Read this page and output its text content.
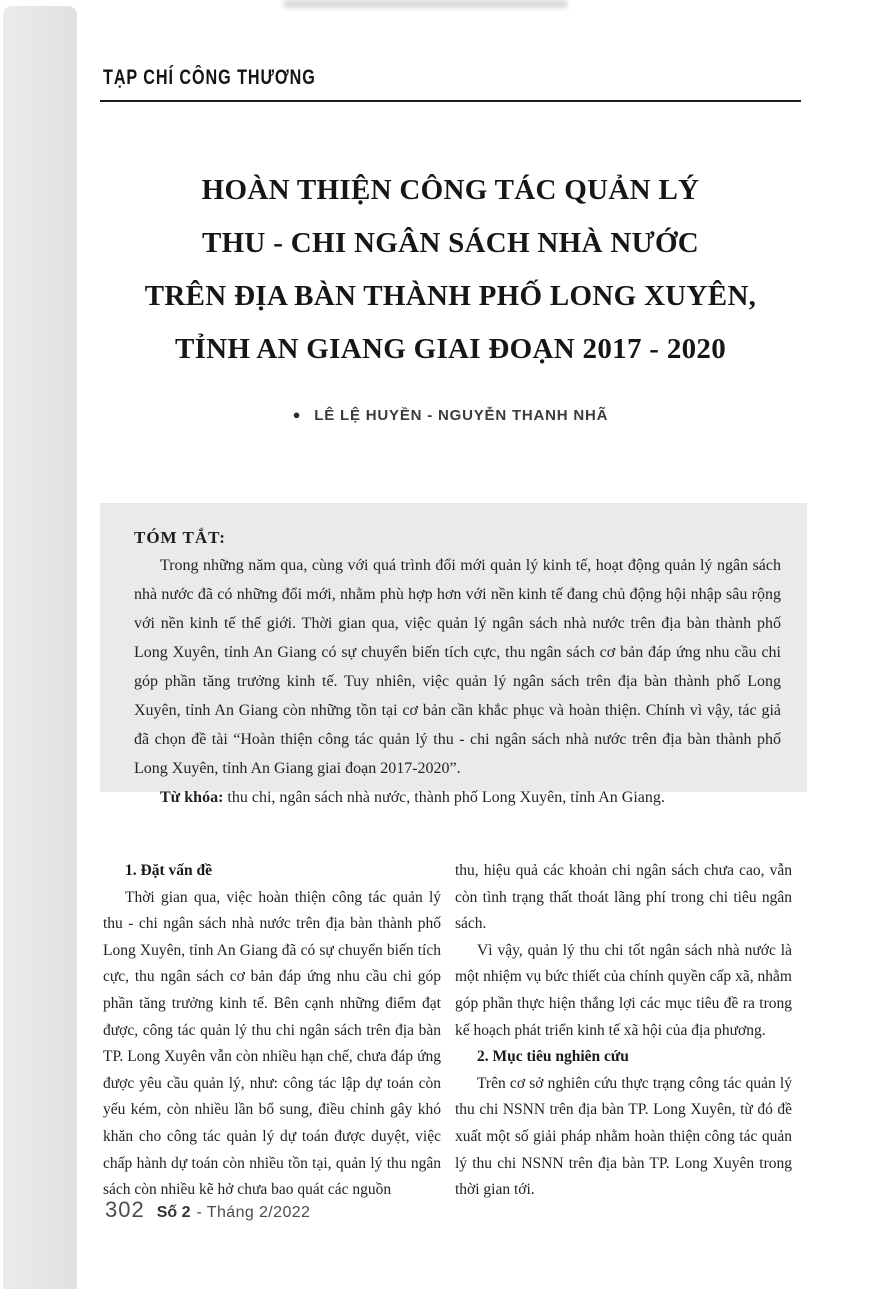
TẠP CHÍ CÔNG THƯƠNG
HOÀN THIỆN CÔNG TÁC QUẢN LÝ
THU - CHI NGÂN SÁCH NHÀ NƯỚC
TRÊN ĐỊA BÀN THÀNH PHỐ LONG XUYÊN,
TỈNH AN GIANG GIAI ĐOẠN 2017 - 2020
● LÊ LỆ HUYỀN - NGUYỄN THANH NHÃ

TÓM TẮT:

Trong những năm qua, cùng với quá trình đổi mới quản lý kinh tế, hoạt động quản lý ngân sách nhà nước đã có những đổi mới, nhằm phù hợp hơn với nền kinh tế đang chủ động hội nhập sâu rộng với nền kinh tế thế giới. Thời gian qua, việc quản lý ngân sách nhà nước trên địa bàn thành phố Long Xuyên, tỉnh An Giang có sự chuyển biến tích cực, thu ngân sách cơ bản đáp ứng nhu cầu chi góp phần tăng trưởng kinh tế. Tuy nhiên, việc quản lý ngân sách trên địa bàn thành phố Long Xuyên, tỉnh An Giang còn những tồn tại cơ bản cần khắc phục và hoàn thiện. Chính vì vậy, tác giả đã chọn đề tài “Hoàn thiện công tác quản lý thu - chi ngân sách nhà nước trên địa bàn thành phố Long Xuyên, tỉnh An Giang giai đoạn 2017-2020”.

Từ khóa: thu chi, ngân sách nhà nước, thành phố Long Xuyên, tỉnh An Giang.

1. Đặt vấn đề

Thời gian qua, việc hoàn thiện công tác quản lý thu - chi ngân sách nhà nước trên địa bàn thành phố Long Xuyên, tỉnh An Giang đã có sự chuyển biến tích cực, thu ngân sách cơ bản đáp ứng nhu cầu chi góp phần tăng trưởng kinh tế. Bên cạnh những điểm đạt được, công tác quản lý thu chi ngân sách trên địa bàn TP. Long Xuyên vẫn còn nhiều hạn chế, chưa đáp ứng được yêu cầu quản lý, như: công tác lập dự toán còn yếu kém, còn nhiều lần bổ sung, điều chỉnh gây khó khăn cho công tác quản lý dự toán được duyệt, việc chấp hành dự toán còn nhiều tồn tại, quản lý thu ngân sách còn nhiều kẽ hở chưa bao quát các nguồn

thu, hiệu quả các khoản chi ngân sách chưa cao, vẫn còn tình trạng thất thoát lãng phí trong chi tiêu ngân sách.

Vì vậy, quản lý thu chi tốt ngân sách nhà nước là một nhiệm vụ bức thiết của chính quyền cấp xã, nhằm góp phần thực hiện thắng lợi các mục tiêu đề ra trong kế hoạch phát triển kinh tế xã hội của địa phương.

2. Mục tiêu nghiên cứu

Trên cơ sở nghiên cứu thực trạng công tác quản lý thu chi NSNN trên địa bàn TP. Long Xuyên, từ đó đề xuất một số giải pháp nhằm hoàn thiện công tác quản lý thu chi NSNN trên địa bàn TP. Long Xuyên trong thời gian tới.

302 Số 2 - Tháng 2/2022
